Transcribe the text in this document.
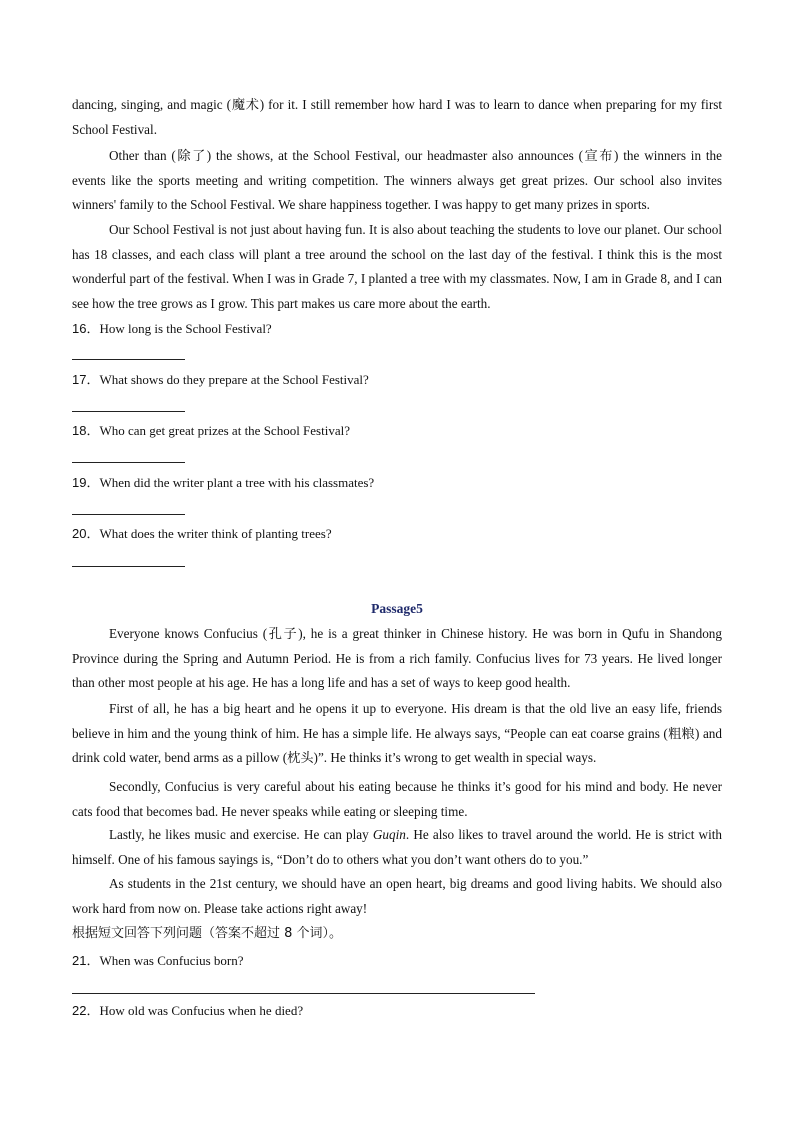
dancing, singing, and magic (魔术) for it. I still remember how hard I was to learn to dance when preparing for my first School Festival.

Other than (除了) the shows, at the School Festival, our headmaster also announces (宣布) the winners in the events like the sports meeting and writing competition. The winners always get great prizes. Our school also invites winners' family to the School Festival. We share happiness together. I was happy to get many prizes in sports.

Our School Festival is not just about having fun. It is also about teaching the students to love our planet. Our school has 18 classes, and each class will plant a tree around the school on the last day of the festival. I think this is the most wonderful part of the festival. When I was in Grade 7, I planted a tree with my classmates. Now, I am in Grade 8, and I can see how the tree grows as I grow. This part makes us care more about the earth.

16．How long is the School Festival?
17．What shows do they prepare at the School Festival?
18．Who can get great prizes at the School Festival?
19．When did the writer plant a tree with his classmates?
20．What does the writer think of planting trees?
Passage5

Everyone knows Confucius (孔子), he is a great thinker in Chinese history. He was born in Qufu in Shandong Province during the Spring and Autumn Period. He is from a rich family. Confucius lives for 73 years. He lived longer than other most people at his age. He has a long life and has a set of ways to keep good health.

First of all, he has a big heart and he opens it up to everyone. His dream is that the old live an easy life, friends believe in him and the young think of him. He has a simple life. He always says, “People can eat coarse grains (粗粮) and drink cold water, bend arms as a pillow (枕头)”. He thinks it’s wrong to get wealth in special ways.

Secondly, Confucius is very careful about his eating because he thinks it’s good for his mind and body. He never cats food that becomes bad. He never speaks while eating or sleeping time.

Lastly, he likes music and exercise. He can play Guqin. He also likes to travel around the world. He is strict with himself. One of his famous sayings is, “Don’t do to others what you don’t want others do to you.”

As students in the 21st century, we should have an open heart, big dreams and good living habits. We should also work hard from now on. Please take actions right away!

根据短文回答下列问题（答案不超过 8 个词）。
21．When was Confucius born?
22．How old was Confucius when he died?
